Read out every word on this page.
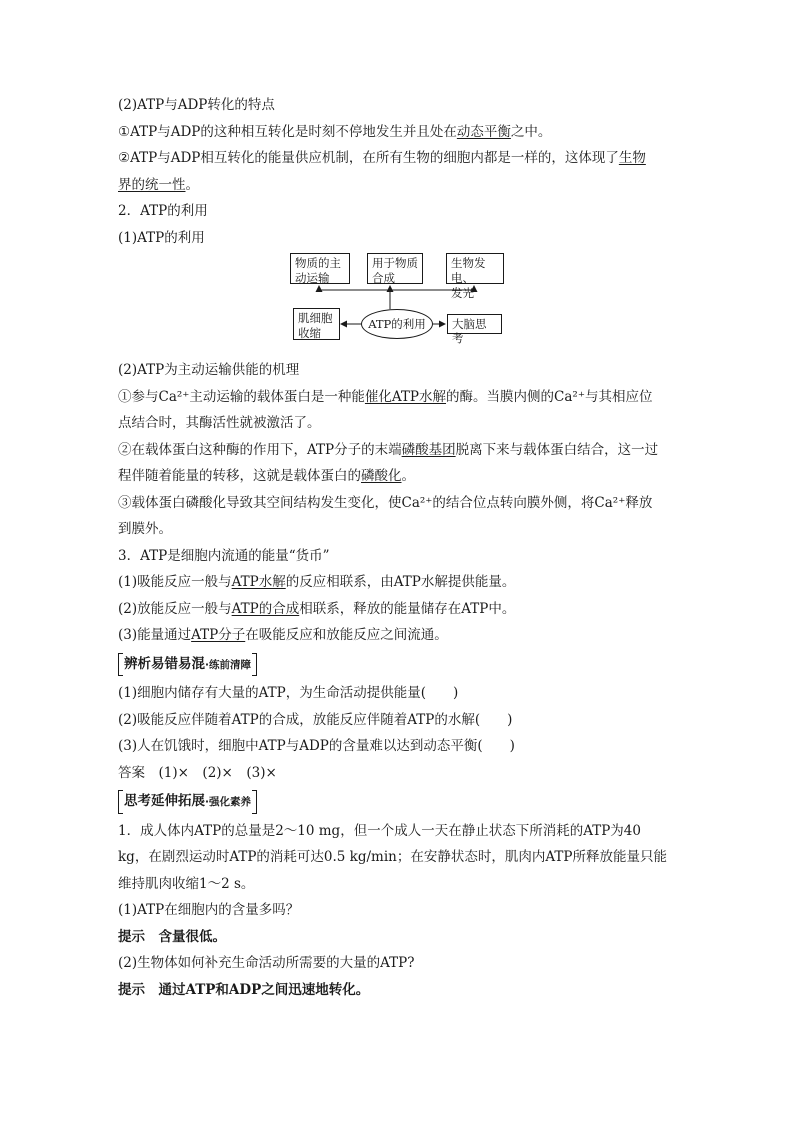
(2)ATP与ADP转化的特点
①ATP与ADP的这种相互转化是时刻不停地发生并且处在动态平衡之中。
②ATP与ADP相互转化的能量供应机制，在所有生物的细胞内都是一样的，这体现了生物
界的统一性。
2．ATP的利用
(1)ATP的利用
物质的主
动运输
用于物质
合成
生物发电、
发光
肌细胞
收缩
ATP的利用	大脑思考
(2)ATP为主动运输供能的机理
①参与Ca²⁺主动运输的载体蛋白是一种能催化ATP水解的酶。当膜内侧的Ca²⁺与其相应位
点结合时，其酶活性就被激活了。
②在载体蛋白这种酶的作用下，ATP分子的末端磷酸基团脱离下来与载体蛋白结合，这一过
程伴随着能量的转移，这就是载体蛋白的磷酸化。
③载体蛋白磷酸化导致其空间结构发生变化，使Ca²⁺的结合位点转向膜外侧，将Ca²⁺释放
到膜外。
3．ATP是细胞内流通的能量“货币”
(1)吸能反应一般与ATP水解的反应相联系，由ATP水解提供能量。
(2)放能反应一般与ATP的合成相联系，释放的能量储存在ATP中。
(3)能量通过ATP分子在吸能反应和放能反应之间流通。
辨析易错易混·练前清障
(1)细胞内储存有大量的ATP，为生命活动提供能量(　　)
(2)吸能反应伴随着ATP的合成，放能反应伴随着ATP的水解(　　)
(3)人在饥饿时，细胞中ATP与ADP的含量难以达到动态平衡(　　)
答案　(1)×　(2)×　(3)×
思考延伸拓展·强化素养
1．成人体内ATP的总量是2～10 mg，但一个成人一天在静止状态下所消耗的ATP为40
kg，在剧烈运动时ATP的消耗可达0.5 kg/min；在安静状态时，肌肉内ATP所释放能量只能
维持肌肉收缩1～2 s。
(1)ATP在细胞内的含量多吗？
提示　含量很低。
(2)生物体如何补充生命活动所需要的大量的ATP?
提示　通过ATP和ADP之间迅速地转化。
